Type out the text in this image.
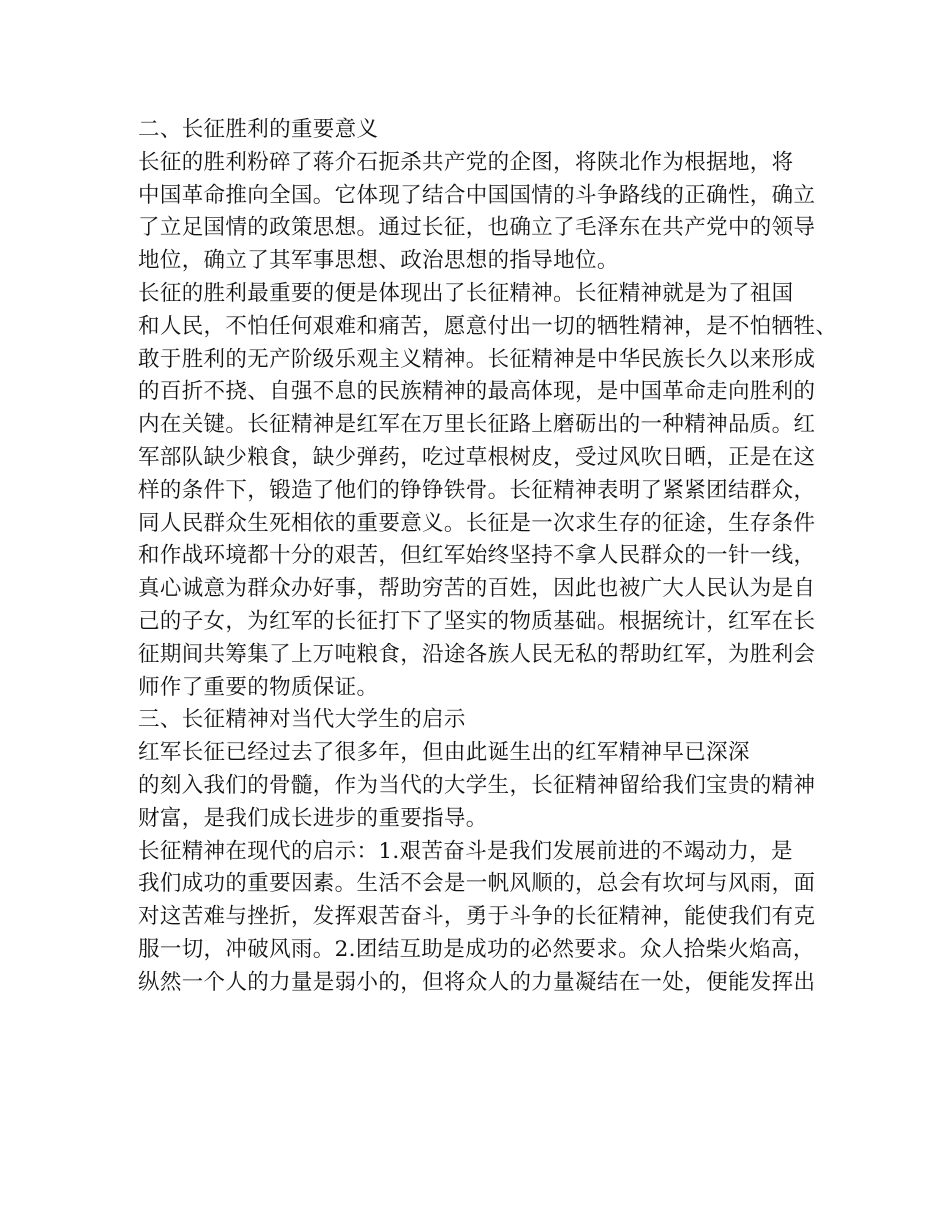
二、长征胜利的重要意义
长征的胜利粉碎了蒋介石扼杀共产党的企图，将陕北作为根据地，将
中国革命推向全国。它体现了结合中国国情的斗争路线的正确性，确立
了立足国情的政策思想。通过长征，也确立了毛泽东在共产党中的领导
地位，确立了其军事思想、政治思想的指导地位。
长征的胜利最重要的便是体现出了长征精神。长征精神就是为了祖国
和人民，不怕任何艰难和痛苦，愿意付出一切的牺牲精神，是不怕牺牲、
敢于胜利的无产阶级乐观主义精神。长征精神是中华民族长久以来形成
的百折不挠、自强不息的民族精神的最高体现，是中国革命走向胜利的
内在关键。长征精神是红军在万里长征路上磨砺出的一种精神品质。红
军部队缺少粮食，缺少弹药，吃过草根树皮，受过风吹日晒，正是在这
样的条件下，锻造了他们的铮铮铁骨。长征精神表明了紧紧团结群众，
同人民群众生死相依的重要意义。长征是一次求生存的征途，生存条件
和作战环境都十分的艰苦，但红军始终坚持不拿人民群众的一针一线，
真心诚意为群众办好事，帮助穷苦的百姓，因此也被广大人民认为是自
己的子女，为红军的长征打下了坚实的物质基础。根据统计，红军在长
征期间共筹集了上万吨粮食，沿途各族人民无私的帮助红军，为胜利会
师作了重要的物质保证。
三、长征精神对当代大学生的启示
红军长征已经过去了很多年，但由此诞生出的红军精神早已深深
的刻入我们的骨髓，作为当代的大学生，长征精神留给我们宝贵的精神
财富，是我们成长进步的重要指导。
长征精神在现代的启示：1.艰苦奋斗是我们发展前进的不竭动力，是
我们成功的重要因素。生活不会是一帆风顺的，总会有坎坷与风雨，面
对这苦难与挫折，发挥艰苦奋斗，勇于斗争的长征精神，能使我们有克
服一切，冲破风雨。2.团结互助是成功的必然要求。众人拾柴火焰高，
纵然一个人的力量是弱小的，但将众人的力量凝结在一处，便能发挥出
